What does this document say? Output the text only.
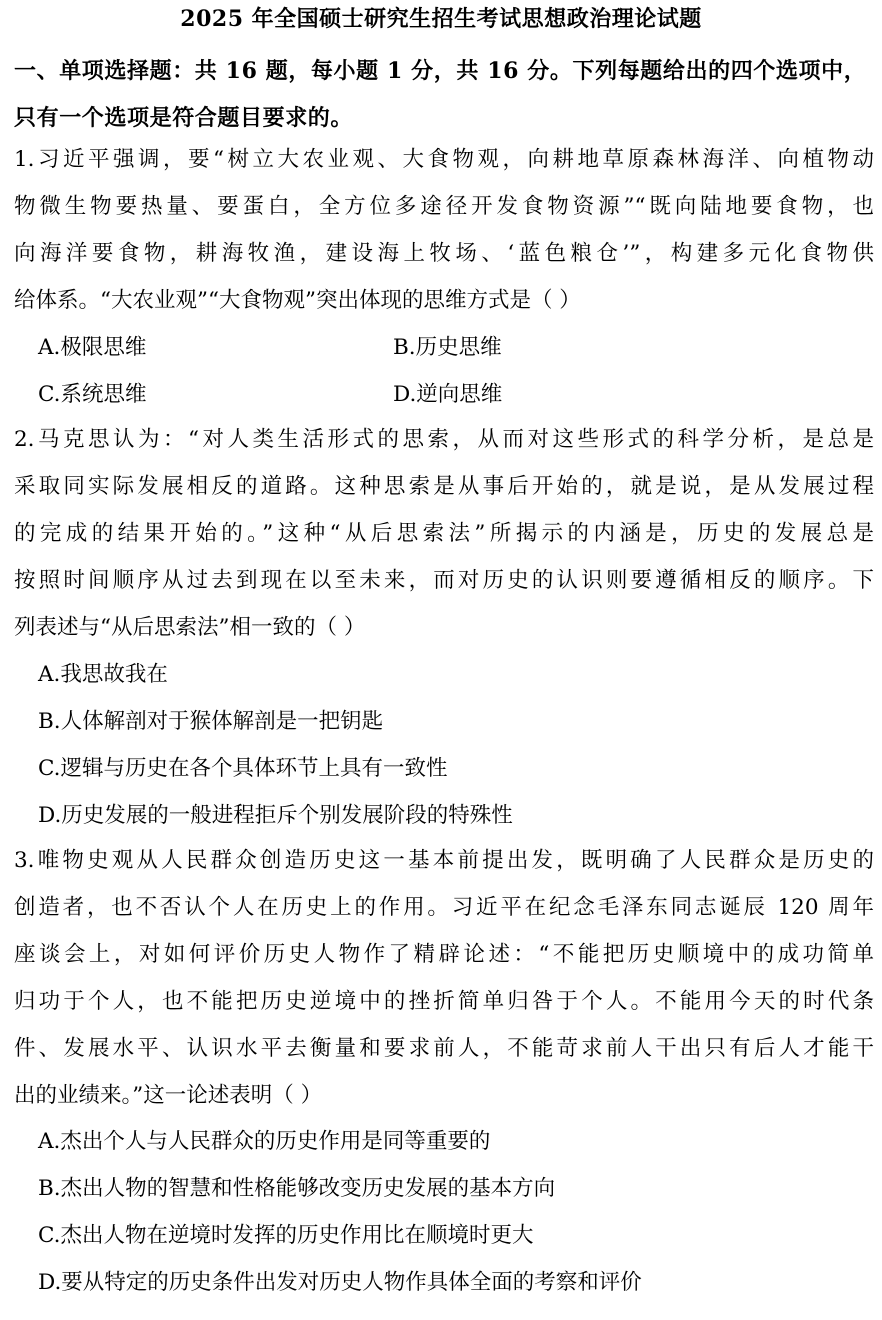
2025 年全国硕士研究生招生考试思想政治理论试题
一、单项选择题：共 16 题，每小题 1 分，共 16 分。下列每题给出的四个选项中，
只有一个选项是符合题目要求的。
1.习近平强调，要“树立大农业观、大食物观，向耕地草原森林海洋、向植物动
物微生物要热量、要蛋白，全方位多途径开发食物资源”“既向陆地要食物，也
向海洋要食物，耕海牧渔，建设海上牧场、‘蓝色粮仓’”，构建多元化食物供
给体系。“大农业观”“大食物观”突出体现的思维方式是（ ）
A.极限思维	B.历史思维
C.系统思维	D.逆向思维
2.马克思认为：“对人类生活形式的思索，从而对这些形式的科学分析，是总是
采取同实际发展相反的道路。这种思索是从事后开始的，就是说，是从发展过程
的完成的结果开始的。”这种“从后思索法”所揭示的内涵是，历史的发展总是
按照时间顺序从过去到现在以至未来，而对历史的认识则要遵循相反的顺序。下
列表述与“从后思索法”相一致的（ ）
A.我思故我在
B.人体解剖对于猴体解剖是一把钥匙
C.逻辑与历史在各个具体环节上具有一致性
D.历史发展的一般进程拒斥个别发展阶段的特殊性
3.唯物史观从人民群众创造历史这一基本前提出发，既明确了人民群众是历史的
创造者，也不否认个人在历史上的作用。习近平在纪念毛泽东同志诞辰 120 周年
座谈会上，对如何评价历史人物作了精辟论述：“不能把历史顺境中的成功简单
归功于个人，也不能把历史逆境中的挫折简单归咎于个人。不能用今天的时代条
件、发展水平、认识水平去衡量和要求前人，不能苛求前人干出只有后人才能干
出的业绩来。”这一论述表明（ ）
A.杰出个人与人民群众的历史作用是同等重要的
B.杰出人物的智慧和性格能够改变历史发展的基本方向
C.杰出人物在逆境时发挥的历史作用比在顺境时更大
D.要从特定的历史条件出发对历史人物作具体全面的考察和评价
